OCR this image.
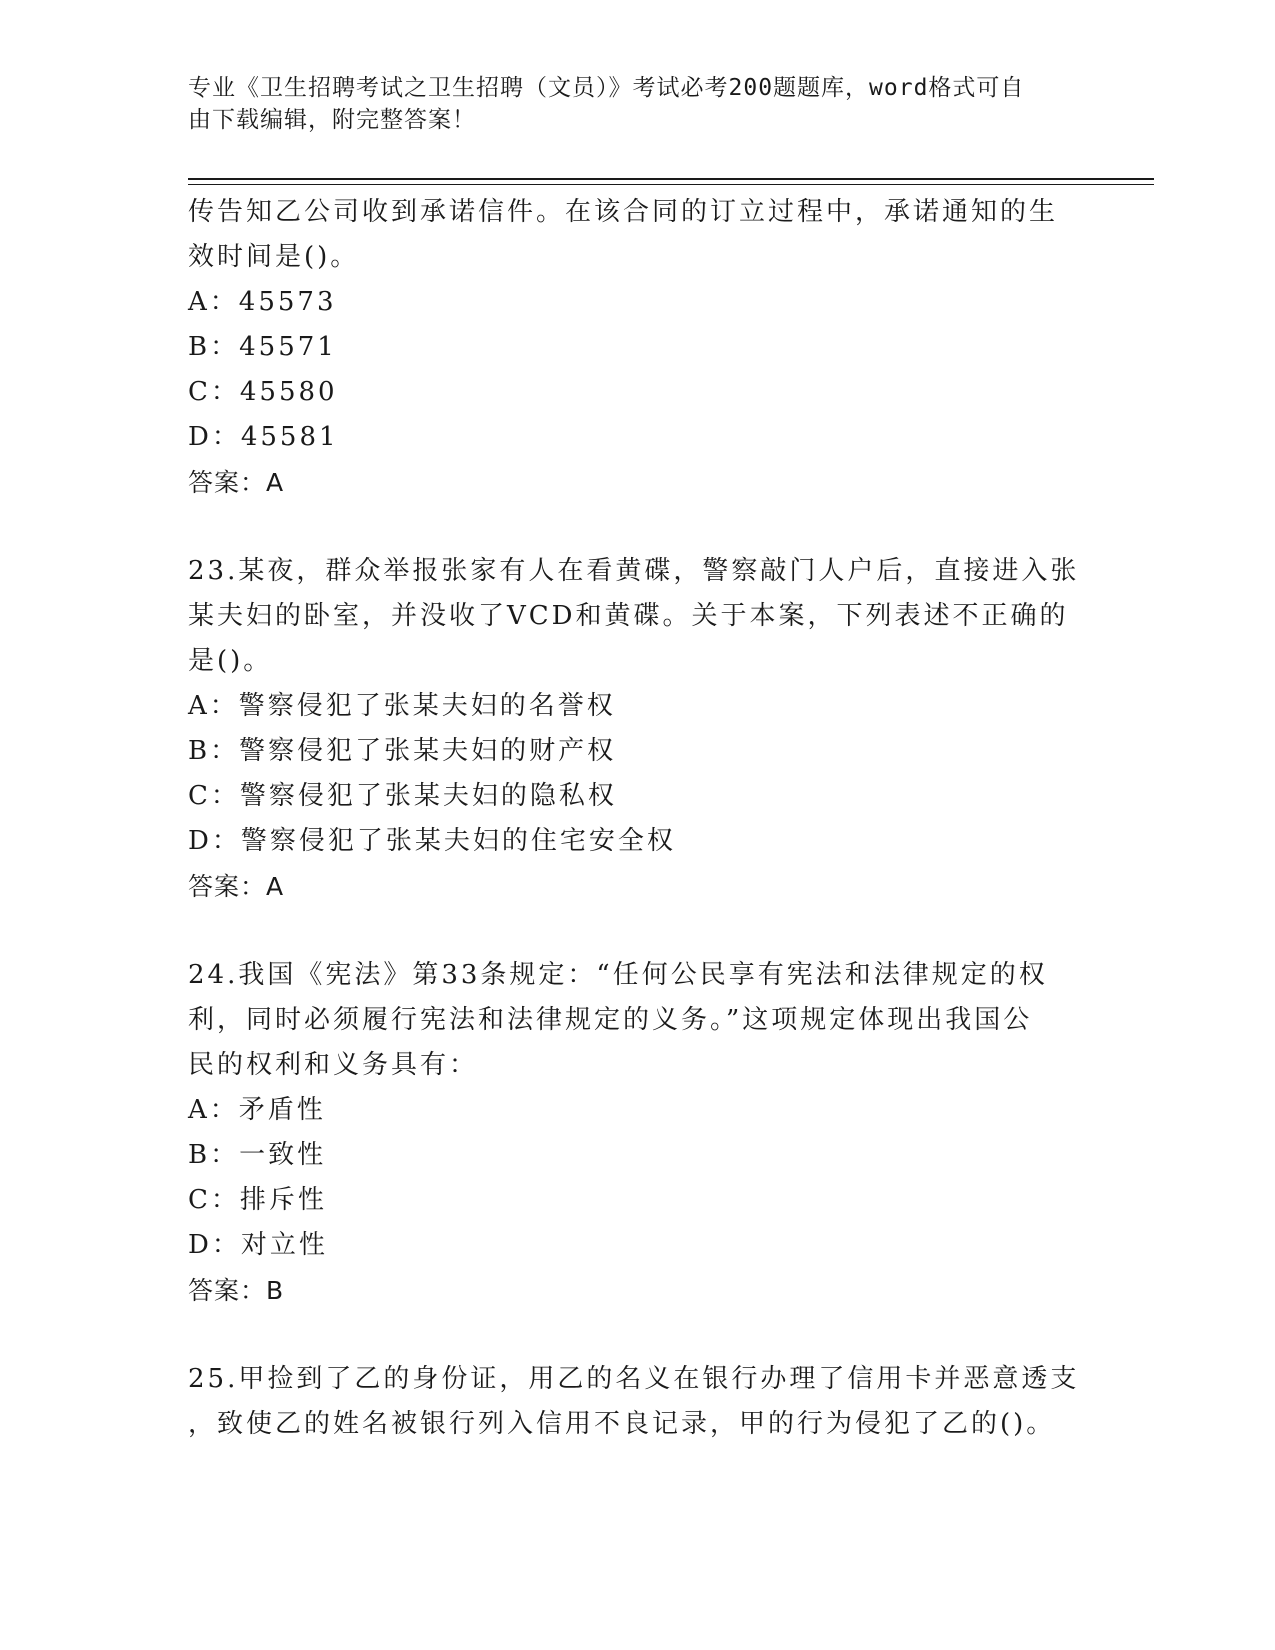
专业《卫生招聘考试之卫生招聘（文员）》考试必考200题题库，word格式可自
由下载编辑，附完整答案！
传告知乙公司收到承诺信件。在该合同的订立过程中，承诺通知的生
效时间是()。
A：45573
B：45571
C：45580
D：45581
答案：A
23.某夜，群众举报张家有人在看黄碟，警察敲门人户后，直接进入张
某夫妇的卧室，并没收了VCD和黄碟。关于本案，下列表述不正确的
是()。
A：警察侵犯了张某夫妇的名誉权
B：警察侵犯了张某夫妇的财产权
C：警察侵犯了张某夫妇的隐私权
D：警察侵犯了张某夫妇的住宅安全权
答案：A
24.我国《宪法》第33条规定：“任何公民享有宪法和法律规定的权
利，同时必须履行宪法和法律规定的义务。”这项规定体现出我国公
民的权利和义务具有：
A：矛盾性
B：一致性
C：排斥性
D：对立性
答案：B
25.甲捡到了乙的身份证，用乙的名义在银行办理了信用卡并恶意透支
，致使乙的姓名被银行列入信用不良记录，甲的行为侵犯了乙的()。
